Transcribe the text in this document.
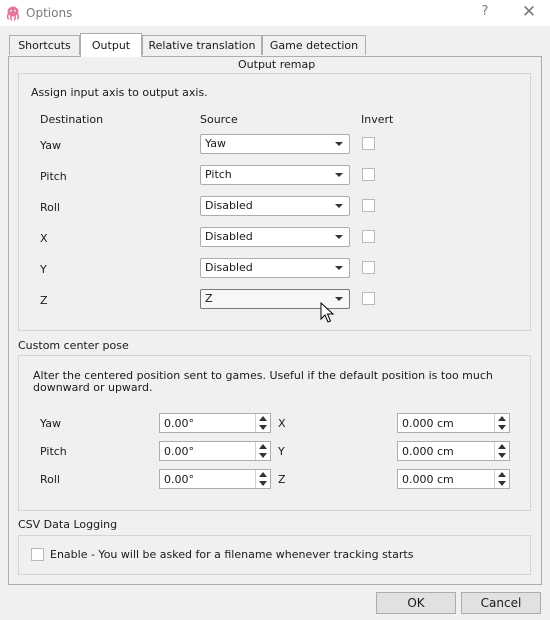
Options	? ✕
Shortcuts	Output	Relative translation	Game detection
Output remap
Assign input axis to output axis.
Destination	Source	Invert
Yaw	Yaw
Pitch	Pitch
Roll	Disabled
X	Disabled
Y	Disabled
Z	Z
Custom center pose
Alter the centered position sent to games. Useful if the default position is too much downward or upward.
Yaw	0.00°	X	0.000 cm
Pitch	0.00°	Y	0.000 cm
Roll	0.00°	Z	0.000 cm
CSV Data Logging
Enable - You will be asked for a filename whenever tracking starts
OK	Cancel
